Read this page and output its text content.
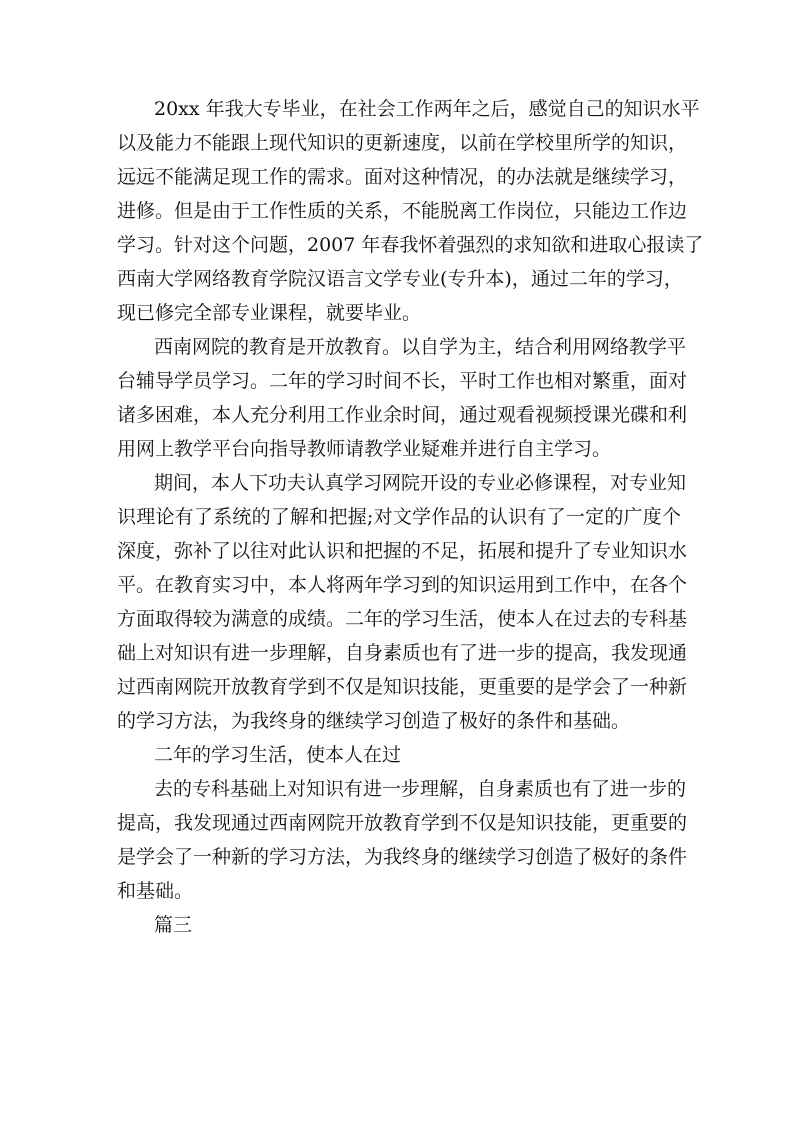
20xx 年我大专毕业，在社会工作两年之后，感觉自己的知识水平
以及能力不能跟上现代知识的更新速度，以前在学校里所学的知识，
远远不能满足现工作的需求。面对这种情况，的办法就是继续学习，
进修。但是由于工作性质的关系，不能脱离工作岗位，只能边工作边
学习。针对这个问题，2007 年春我怀着强烈的求知欲和进取心报读了
西南大学网络教育学院汉语言文学专业(专升本)，通过二年的学习，
现已修完全部专业课程，就要毕业。
西南网院的教育是开放教育。以自学为主，结合利用网络教学平
台辅导学员学习。二年的学习时间不长，平时工作也相对繁重，面对
诸多困难，本人充分利用工作业余时间，通过观看视频授课光碟和利
用网上教学平台向指导教师请教学业疑难并进行自主学习。
期间，本人下功夫认真学习网院开设的专业必修课程，对专业知
识理论有了系统的了解和把握;对文学作品的认识有了一定的广度个
深度，弥补了以往对此认识和把握的不足，拓展和提升了专业知识水
平。在教育实习中，本人将两年学习到的知识运用到工作中，在各个
方面取得较为满意的成绩。二年的学习生活，使本人在过去的专科基
础上对知识有进一步理解，自身素质也有了进一步的提高，我发现通
过西南网院开放教育学到不仅是知识技能，更重要的是学会了一种新
的学习方法，为我终身的继续学习创造了极好的条件和基础。
二年的学习生活，使本人在过
去的专科基础上对知识有进一步理解，自身素质也有了进一步的
提高，我发现通过西南网院开放教育学到不仅是知识技能，更重要的
是学会了一种新的学习方法，为我终身的继续学习创造了极好的条件
和基础。
篇三
